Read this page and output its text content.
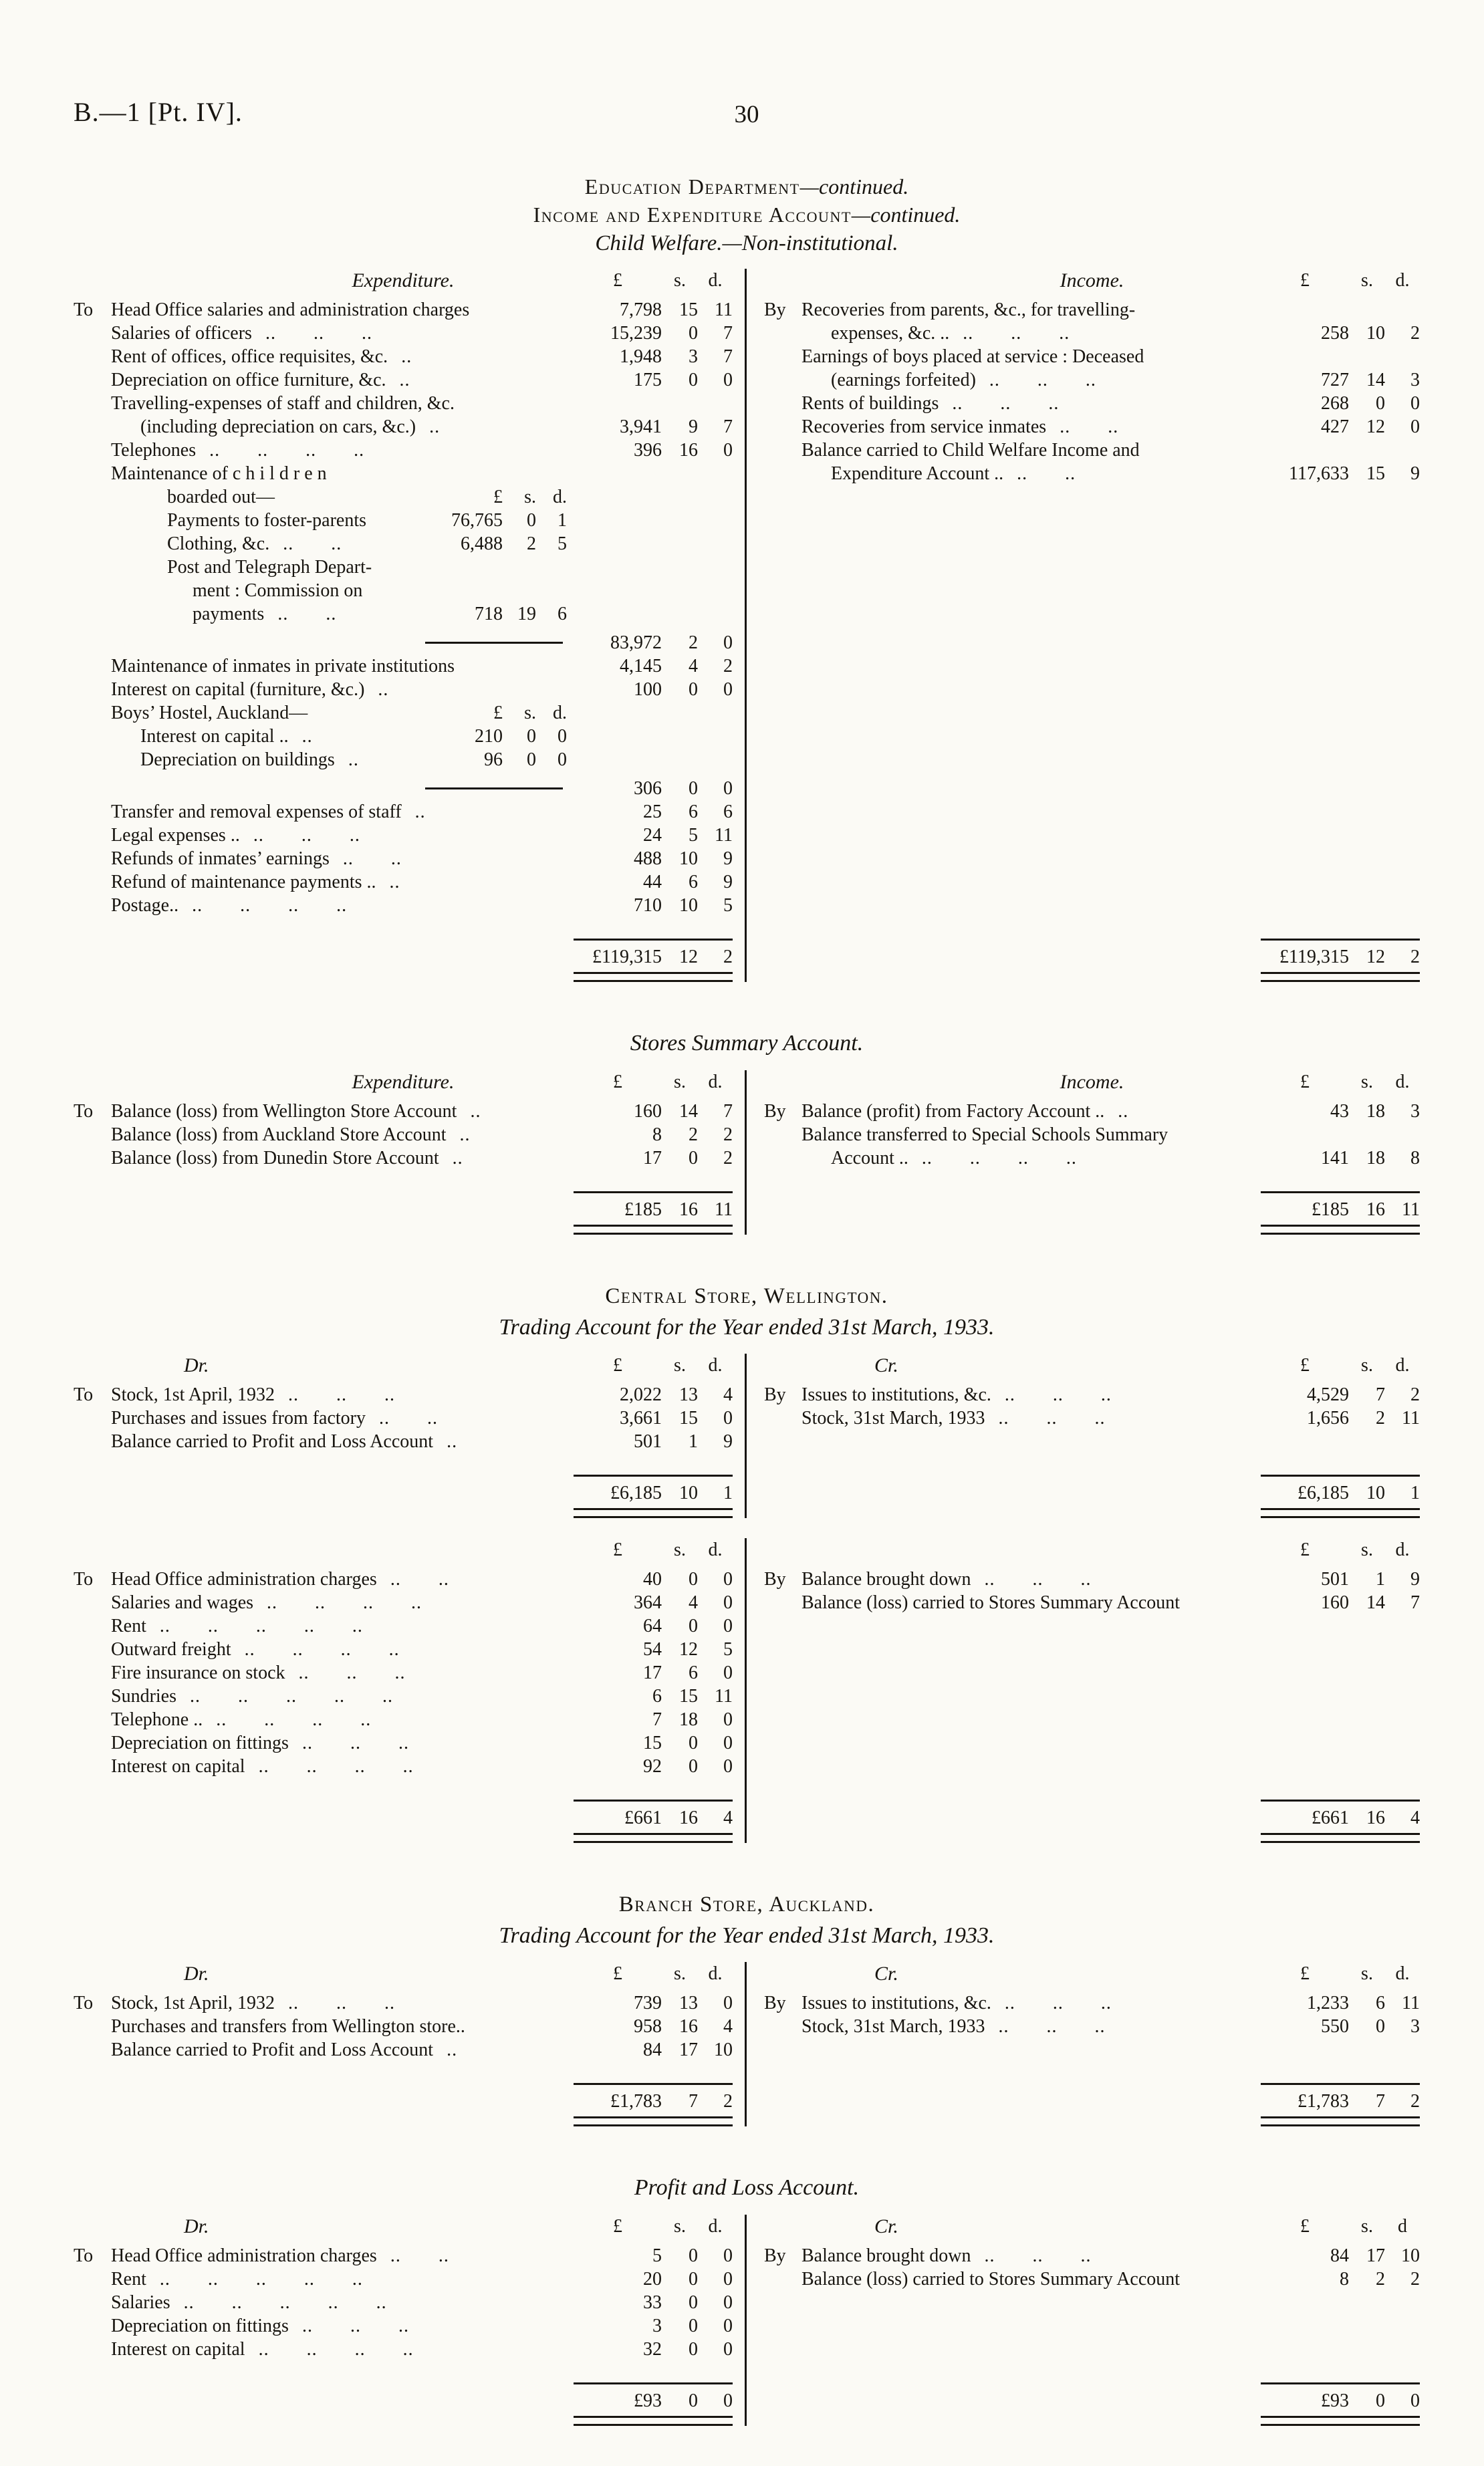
B.—1 [Pt. IV].	30
Education Department—continued.
Income and Expenditure Account—continued.
Child Welfare.—Non-institutional.
Expenditure.	£	s.	d.
To Head Office salaries and administration charges	7,798 15 11
Salaries of officers .. .. ..	15,239	0	7
Rent of offices, office requisites, &c. ..	1,948	3	7
Depreciation on office furniture, &c. ..	175	0	0
Travelling-expenses of staff and children, &c.
(including depreciation on cars, &c.) ..	3,941	9	7
Telephones .. .. .. ..	396 16	0
Maintenance of c h i l d r e n
boarded out—	£	s. d.
Payments to foster-parents	76,765	0	1
Clothing, &c. .. ..	6,488	2	5
Post and Telegraph Depart-
ment : Commission on
payments .. ..	718 19	6
83,972	2	0
Maintenance of inmates in private institutions	4,145	4	2
Interest on capital (furniture, &c.) ..	100	0	0
Boys’ Hostel, Auckland—	£	s. d.
Interest on capital .. ..	210	0	0
Depreciation on buildings ..	96	0	0
306	0	0
Transfer and removal expenses of staff ..	25	6	6
Legal expenses .. .. .. ..	24	5 11
Refunds of inmates’ earnings .. ..	488 10	9
Refund of maintenance payments .. ..	44	6	9
Postage.. .. .. .. ..	710 10	5
£119,315 12	2
Income.	£	s.	d.
By Recoveries from parents, &c., for travelling-
expenses, &c. .. .. .. ..	258 10	2
Earnings of boys placed at service : Deceased
(earnings forfeited) .. .. ..	727 14	3
Rents of buildings .. .. ..	268	0	0
Recoveries from service inmates .. ..	427 12	0
Balance carried to Child Welfare Income and
Expenditure Account .. .. ..	117,633 15	9
£119,315 12	2
Stores Summary Account.
Expenditure.	£	s.	d.
To Balance (loss) from Wellington Store Account ..	160 14	7
Balance (loss) from Auckland Store Account ..	8	2	2
Balance (loss) from Dunedin Store Account ..	17	0	2
£185 16 11
Income.	£	s.	d.
By Balance (profit) from Factory Account .. ..	43 18	3
Balance transferred to Special Schools Summary
Account .. .. .. .. ..	141 18	8
£185 16 11
Central Store, Wellington.
Trading Account for the Year ended 31st March, 1933.
Dr.	£	s.	d.
To Stock, 1st April, 1932 .. .. ..	2,022 13	4
Purchases and issues from factory .. ..	3,661 15	0
Balance carried to Profit and Loss Account ..	501	1	9
£6,185 10	1
Cr.	£	s.	d.
By Issues to institutions, &c. .. .. ..	4,529	7	2
Stock, 31st March, 1933 .. .. ..	1,656	2 11
£6,185 10	1
£	s.	d.
To Head Office administration charges .. ..	40	0	0
Salaries and wages .. .. .. ..	364	4	0
Rent .. .. .. .. ..	64	0	0
Outward freight .. .. .. ..	54 12	5
Fire insurance on stock .. .. ..	17	6	0
Sundries .. .. .. .. ..	6 15 11
Telephone .. .. .. .. ..	7 18	0
Depreciation on fittings .. .. ..	15	0	0
Interest on capital .. .. .. ..	92	0	0
£661 16	4
£	s.	d.
By Balance brought down .. .. ..	501	1	9
Balance (loss) carried to Stores Summary Account	160 14	7
£661 16	4
Branch Store, Auckland.
Trading Account for the Year ended 31st March, 1933.
Dr.	£	s.	d.
To Stock, 1st April, 1932 .. .. ..	739 13	0
Purchases and transfers from Wellington store..	958 16	4
Balance carried to Profit and Loss Account ..	84 17 10
£1,783	7	2
Cr.	£	s.	d.
By Issues to institutions, &c. .. .. ..	1,233	6 11
Stock, 31st March, 1933 .. .. ..	550	0	3
£1,783	7	2
Profit and Loss Account.
Dr.	£	s.	d.
To Head Office administration charges .. ..	5	0	0
Rent .. .. .. .. ..	20	0	0
Salaries .. .. .. .. ..	33	0	0
Depreciation on fittings .. .. ..	3	0	0
Interest on capital .. .. .. ..	32	0	0
£93	0	0
Cr.	£	s.	d
By Balance brought down .. .. ..	84 17 10
Balance (loss) carried to Stores Summary Account	8	2	2
£93	0	0
